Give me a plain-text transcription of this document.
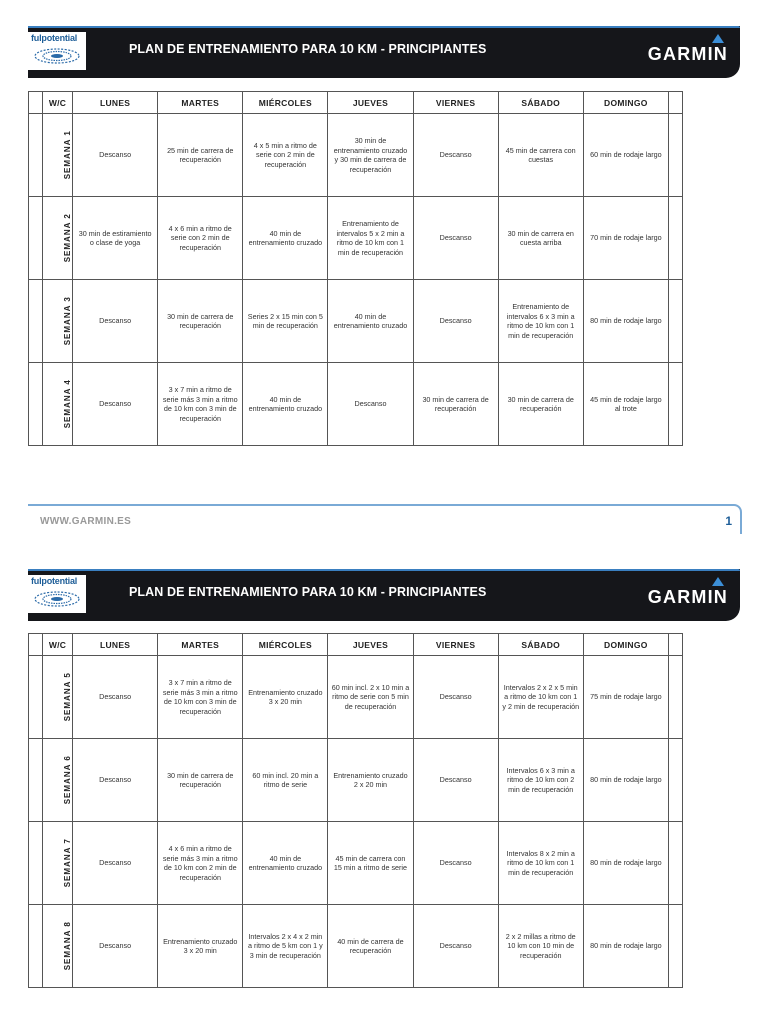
fulpotential
PLAN DE ENTRENAMIENTO PARA 10 KM - PRINCIPIANTES	GARMIN
	W/C	LUNES	MARTES	MIÉRCOLES	JUEVES	VIERNES	SÁBADO	DOMINGO	
	SEMANA 1	Descanso	25 min de carrera de recuperación	4 x 5 min a ritmo de serie con 2 min de recuperación	30 min de entrenamiento cruzado y 30 min de carrera de recuperación	Descanso	45 min de carrera con cuestas	60 min de rodaje largo	
	SEMANA 2	30 min de estiramiento o clase de yoga	4 x 6 min a ritmo de serie con 2 min de recuperación	40 min de entrenamiento cruzado	Entrenamiento de intervalos 5 x 2 min a ritmo de 10 km con 1 min de recuperación	Descanso	30 min de carrera en cuesta arriba	70 min de rodaje largo	
	SEMANA 3	Descanso	30 min de carrera de recuperación	Series 2 x 15 min con 5 min de recuperación	40 min de entrenamiento cruzado	Descanso	Entrenamiento de intervalos 6 x 3 min a ritmo de 10 km con 1 min de recuperación	80 min de rodaje largo	
	SEMANA 4	Descanso	3 x 7 min a ritmo de serie más 3 min a ritmo de 10 km con 3 min de recuperación	40 min de entrenamiento cruzado	Descanso	30 min de carrera de recuperación	30 min de carrera de recuperación	45 min de rodaje largo al trote	
WWW.GARMIN.ES	1
fulpotential
PLAN DE ENTRENAMIENTO PARA 10 KM - PRINCIPIANTES	GARMIN
	W/C	LUNES	MARTES	MIÉRCOLES	JUEVES	VIERNES	SÁBADO	DOMINGO	
	SEMANA 5	Descanso	3 x 7 min a ritmo de serie más 3 min a ritmo de 10 km con 3 min de recuperación	Entrenamiento cruzado 3 x 20 min	60 min incl. 2 x 10 min a ritmo de serie con 5 min de recuperación	Descanso	Intervalos 2 x 2 x 5 min a ritmo de 10 km con 1 y 2 min de recuperación	75 min de rodaje largo	
	SEMANA 6	Descanso	30 min de carrera de recuperación	60 min incl. 20 min a ritmo de serie	Entrenamiento cruzado 2 x 20 min	Descanso	Intervalos 6 x 3 min a ritmo de 10 km con 2 min de recuperación	80 min de rodaje largo	
	SEMANA 7	Descanso	4 x 6 min a ritmo de serie más 3 min a ritmo de 10 km con 2 min de recuperación	40 min de entrenamiento cruzado	45 min de carrera con 15 min a ritmo de serie	Descanso	Intervalos 8 x 2 min a ritmo de 10 km con 1 min de recuperación	80 min de rodaje largo	
	SEMANA 8	Descanso	Entrenamiento cruzado 3 x 20 min	Intervalos 2 x 4 x 2 min a ritmo de 5 km con 1 y 3 min de recuperación	40 min de carrera de recuperación	Descanso	2 x 2 millas a ritmo de 10 km con 10 min de recuperación	80 min de rodaje largo	
